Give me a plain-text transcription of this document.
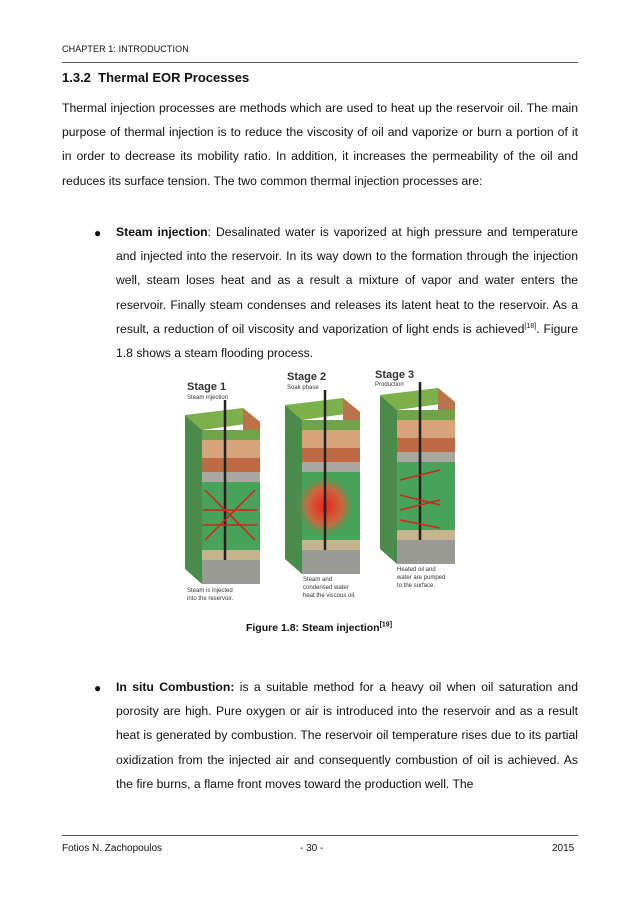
CHAPTER 1: INTRODUCTION
1.3.2 Thermal EOR Processes

Thermal injection processes are methods which are used to heat up the reservoir oil. The main purpose of thermal injection is to reduce the viscosity of oil and vaporize or burn a portion of it in order to decrease its mobility ratio. In addition, it increases the permeability of the oil and reduces its surface tension. The two common thermal injection processes are:

● Steam injection: Desalinated water is vaporized at high pressure and temperature and injected into the reservoir. In its way down to the formation through the injection well, steam loses heat and as a result a mixture of vapor and water enters the reservoir. Finally steam condenses and releases its latent heat to the reservoir. As a result, a reduction of oil viscosity and vaporization of light ends is achieved[18]. Figure 1.8 shows a steam flooding process.
Stage 1
Steam injection
Stage 2
Soak phase
Stage 3
Production
Steam is injected
into the reservoir.
Steam and
condensed water
heat the viscous oil.
Heated oil and
water are pumped
to the surface.
Figure 1.8: Steam injection[19]
● In situ Combustion: is a suitable method for a heavy oil when oil saturation and porosity are high. Pure oxygen or air is introduced into the reservoir and as a result heat is generated by combustion. The reservoir oil temperature rises due to its partial oxidization from the injected air and consequently combustion of oil is achieved. As the fire burns, a flame front moves toward the production well. The
Fotios N. Zachopoulos	- 30 -	2015
